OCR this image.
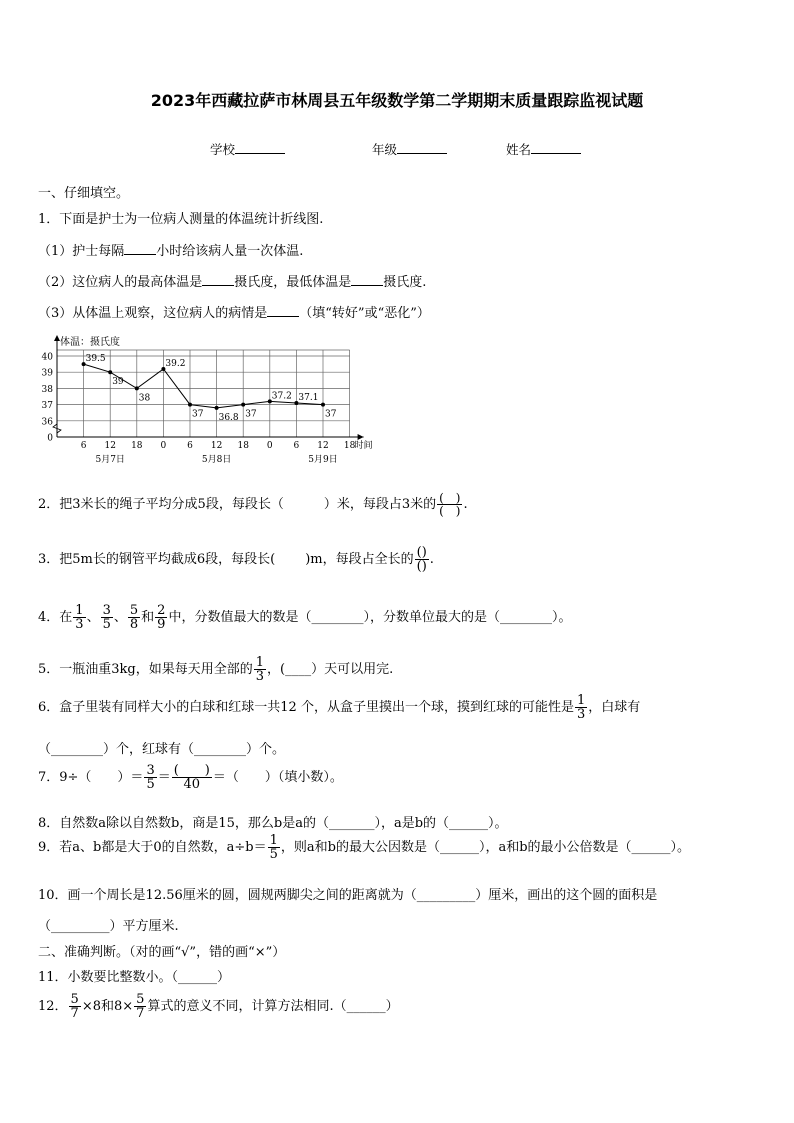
2023年西藏拉萨市林周县五年级数学第二学期期末质量跟踪监视试题
学校	年级	姓名
一、仔细填空。
1．下面是护士为一位病人测量的体温统计折线图.
（1）护士每隔 小时给该病人量一次体温.
（2）这位病人的最高体温是 摄氏度，最低体温是 摄氏度.
（3）从体温上观察，这位病人的病情是 （填“转好”或“恶化”）
体温：摄氏度
40
39
38
37
36
0
6 12 18 0 6 12 18 0 6 12 18 时间
5月7日	5月8日	5月9日
39.5
39
38
39.2
37 36.8 37
37.2 37.1
37
2．把3米长的绳子平均分成5段，每段长（	）米，每段占3米的 $\frac{( )}{( )}$ .
3．把5m长的钢管平均截成6段，每段长( )m，每段占全长的 $\frac{()}{()}$ .
4．在 $\frac{1}{3}$ 、 $\frac{3}{5}$ 、 $\frac{5}{8}$ 和 $\frac{2}{9}$ 中，分数值最大的数是（________），分数单位最大的是（________）。
5．一瓶油重3kg，如果每天用全部的 $\frac{1}{3}$ ，(____）天可以用完.
6．盒子里装有同样大小的白球和红球一共12 个，从盒子里摸出一个球，摸到红球的可能性是 $\frac{1}{3}$ ，白球有
（________）个，红球有（________）个。
7．9÷（　　）＝ $\frac{3}{5} = \frac{( )}{40}$ ＝（　　）（填小数）。
8．自然数a除以自然数b，商是15，那么b是a的（_______），a是b的（______）。
9．若a、b都是大于0的自然数，$a\div b= \frac{1}{5}$ ，则a和b的最大公因数是（______），a和b的最小公倍数是（______）。
10．画一个周长是12.56厘米的圆，圆规两脚尖之间的距离就为（_________）厘米，画出的这个圆的面积是
（_________）平方厘米.
二、准确判断。（对的画“√”，错的画“×”）
11．小数要比整数小。（______）
12． $\frac{5}{7} \times 8$和$8\times \frac{5}{7}$ 算式的意义不同，计算方法相同.（______）
